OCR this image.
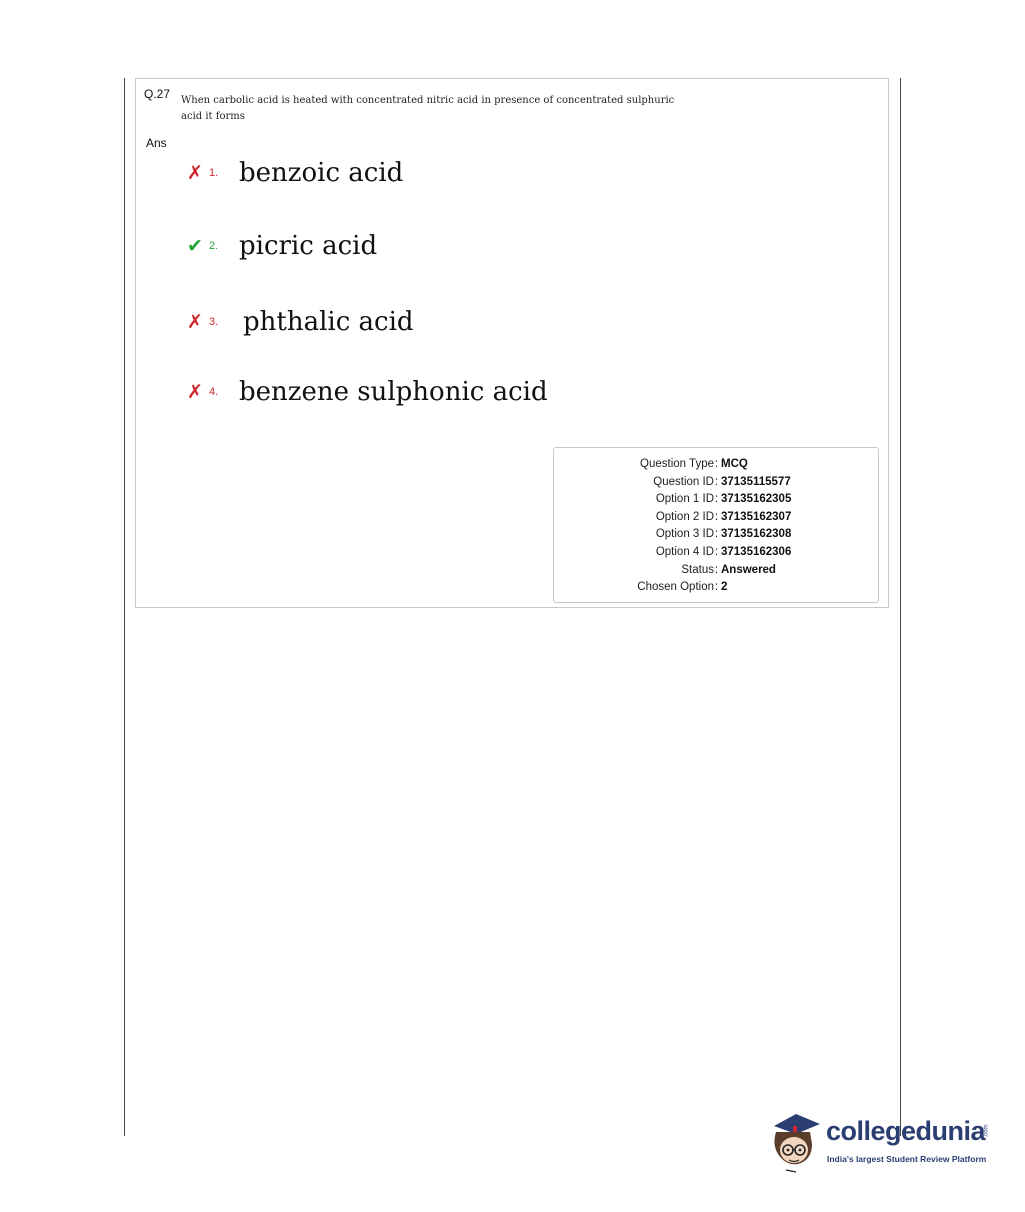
Q.27 When carbolic acid is heated with concentrated nitric acid in presence of concentrated sulphuric acid it forms
Ans
✗ 1. benzoic acid
✔ 2. picric acid
✗ 3. phthalic acid
✗ 4. benzene sulphonic acid
Question Type : MCQ
Question ID : 37135115577
Option 1 ID : 37135162305
Option 2 ID : 37135162307
Option 3 ID : 37135162308
Option 4 ID : 37135162306
Status : Answered
Chosen Option : 2
collegedunia
.com
India's largest Student Review Platform
